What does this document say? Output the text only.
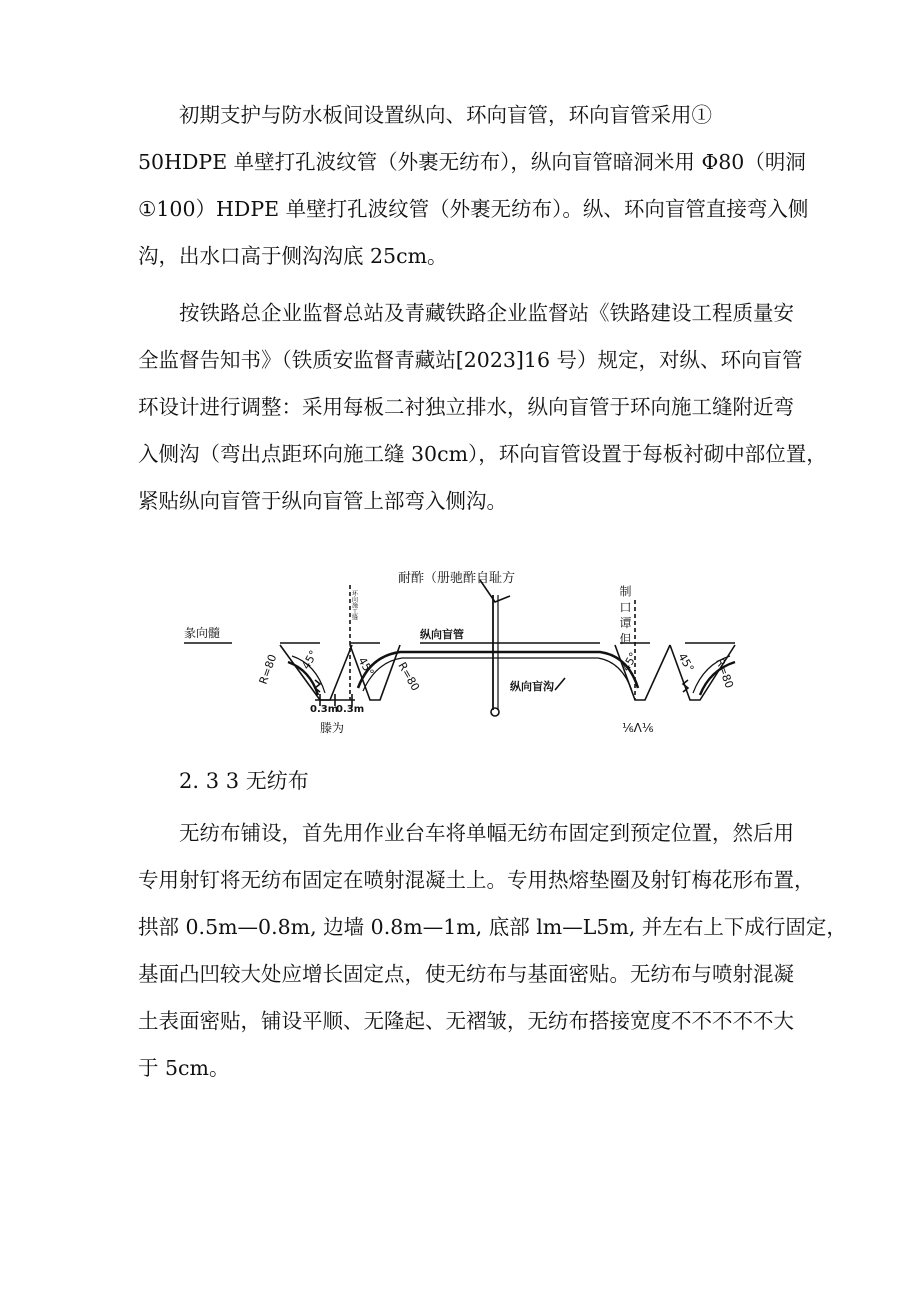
初期支护与防水板间设置纵向、环向盲管，环向盲管采用①
50HDPE 单壁打孔波纹管（外裹无纺布），纵向盲管暗洞米用 Φ80（明洞
①100）HDPE 单壁打孔波纹管（外裹无纺布）。纵、环向盲管直接弯入侧
沟，出水口高于侧沟沟底 25cm。
按铁路总企业监督总站及青藏铁路企业监督站《铁路建设工程质量安
全监督告知书》（铁质安监督青藏站[2023]16 号）规定，对纵、环向盲管
环设计进行调整：采用每板二衬独立排水，纵向盲管于环向施工缝附近弯
入侧沟（弯出点距环向施工缝 30cm），环向盲管设置于每板衬砌中部位置，
紧贴纵向盲管于纵向盲管上部弯入侧沟。
耐酢（册驰酢自耻方
彖向髓
环向施工缝	制 口 谭 但
纵向盲管
纵向盲沟
45°	45°	45°	45°
R=80	R=80	R=80
0.3m
0.3m
滕为	⅙Λ⅙
2. 3 3 无纺布
无纺布铺设，首先用作业台车将单幅无纺布固定到预定位置，然后用
专用射钉将无纺布固定在喷射混凝土上。专用热熔垫圈及射钉梅花形布置，
拱部 0.5m—0.8m, 边墙 0.8m—1m, 底部 lm—L5m, 并左右上下成行固定，
基面凸凹较大处应增长固定点，使无纺布与基面密贴。无纺布与喷射混凝
土表面密贴，铺设平顺、无隆起、无褶皱，无纺布搭接宽度不不不不不大
于 5cm。
